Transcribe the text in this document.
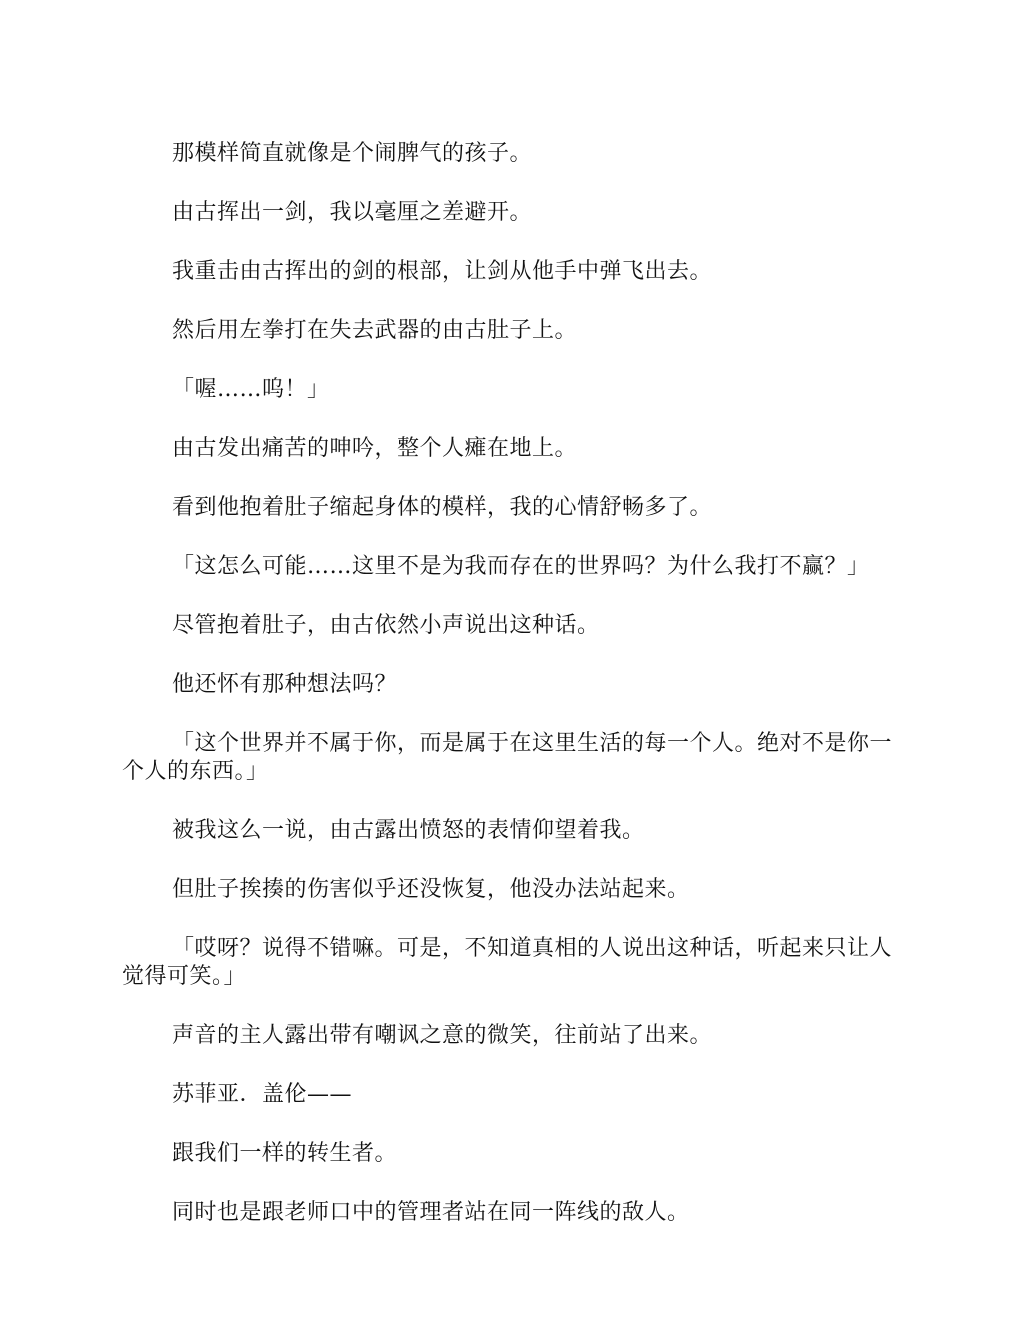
那模样简直就像是个闹脾气的孩子。

由古挥出一剑，我以毫厘之差避开。

我重击由古挥出的剑的根部，让剑从他手中弹飞出去。

然后用左拳打在失去武器的由古肚子上。

「喔……呜！」

由古发出痛苦的呻吟，整个人瘫在地上。

看到他抱着肚子缩起身体的模样，我的心情舒畅多了。

「这怎么可能……这里不是为我而存在的世界吗？为什么我打不赢？」

尽管抱着肚子，由古依然小声说出这种话。

他还怀有那种想法吗？

「这个世界并不属于你，而是属于在这里生活的每一个人。绝对不是你一个人的东西。」

被我这么一说，由古露出愤怒的表情仰望着我。

但肚子挨揍的伤害似乎还没恢复，他没办法站起来。

「哎呀？说得不错嘛。可是，不知道真相的人说出这种话，听起来只让人觉得可笑。」

声音的主人露出带有嘲讽之意的微笑，往前站了出来。

苏菲亚．盖伦——

跟我们一样的转生者。

同时也是跟老师口中的管理者站在同一阵线的敌人。
